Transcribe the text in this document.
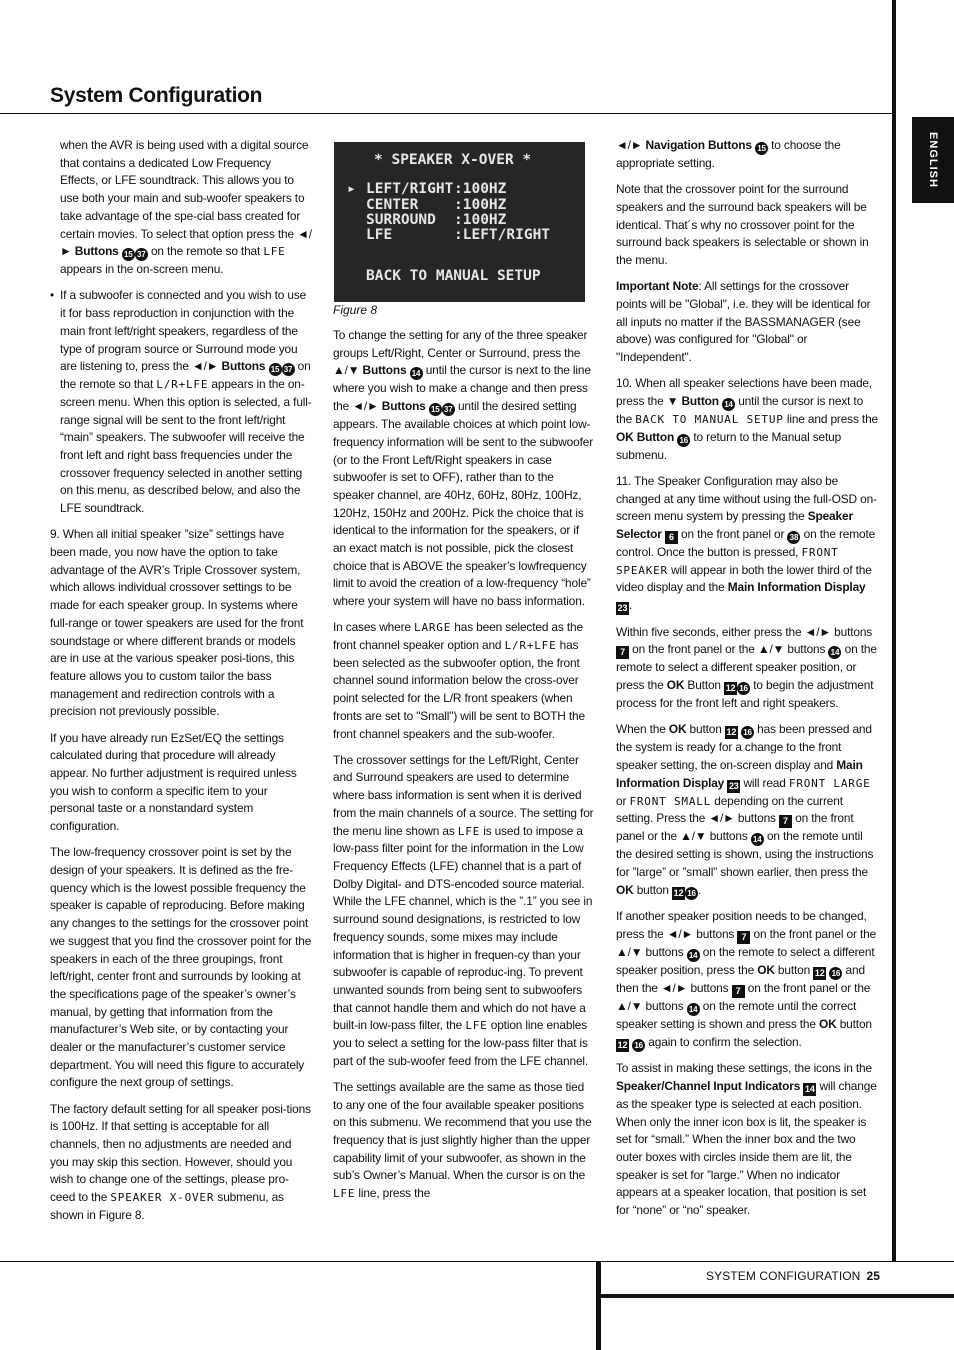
ENGLISH
System Configuration

when the AVR is being used with a digital source that contains a dedicated Low Frequency Effects, or LFE soundtrack. This allows you to use both your main and sub-woofer speakers to take advantage of the spe-cial bass created for certain movies. To select that option press the ◄/► Buttons 15 37 on the remote so that LFE appears in the on-screen menu.

• If a subwoofer is connected and you wish to use it for bass reproduction in conjunction with the main front left/right speakers, regardless of the type of program source or Surround mode you are listening to, press the ◄/► Buttons 15 37 on the remote so that L/R+LFE appears in the on-screen menu. When this option is selected, a full-range signal will be sent to the front left/right “main” speakers. The subwoofer will receive the front left and right bass frequencies under the crossover frequency selected in another setting on this menu, as described below, and also the LFE soundtrack.

9. When all initial speaker ”size” settings have been made, you now have the option to take advantage of the AVR’s Triple Crossover system, which allows individual crossover settings to be made for each speaker group. In systems where full-range or tower speakers are used for the front soundstage or where different brands or models are in use at the various speaker posi-tions, this feature allows you to custom tailor the bass management and redirection controls with a precision not previously possible.

If you have already run EzSet/EQ the settings calculated during that procedure will already appear. No further adjustment is required unless you wish to conform a specific item to your personal taste or a nonstandard system configuration.

The low-frequency crossover point is set by the design of your speakers. It is defined as the fre-quency which is the lowest possible frequency the speaker is capable of reproducing. Before making any changes to the settings for the crossover point we suggest that you find the crossover point for the speakers in each of the three groupings, front left/right, center front and surrounds by looking at the specifications page of the speaker’s owner’s manual, by getting that information from the manufacturer’s Web site, or by contacting your dealer or the manufacturer’s customer service department. You will need this figure to accurately configure the next group of settings.

The factory default setting for all speaker posi-tions is 100Hz. If that setting is acceptable for all channels, then no adjustments are needed and you may skip this section. However, should you wish to change one of the settings, please pro-ceed to the SPEAKER X-OVER submenu, as shown in Figure 8.

* SPEAKER X-OVER *
▸ LEFT/RIGHT :100HZ
CENTER :100HZ
SURROUND :100HZ
LFE	:LEFT/RIGHT
BACK TO MANUAL SETUP
Figure 8

To change the setting for any of the three speaker groups Left/Right, Center or Surround, press the ▲/▼ Buttons 14 until the cursor is next to the line where you wish to make a change and then press the ◄/► Buttons 15 37 until the desired setting appears. The available choices at which point low-frequency information will be sent to the subwoofer (or to the Front Left/Right speakers in case subwoofer is set to OFF), rather than to the speaker channel, are 40Hz, 60Hz, 80Hz, 100Hz, 120Hz, 150Hz and 200Hz. Pick the choice that is identical to the information for the speakers, or if an exact match is not possible, pick the closest choice that is ABOVE the speaker’s lowfrequency limit to avoid the creation of a low-frequency “hole” where your system will have no bass information.

In cases where LARGE has been selected as the front channel speaker option and L/R+LFE has been selected as the subwoofer option, the front channel sound information below the cross-over point selected for the L/R front speakers (when fronts are set to "Small") will be sent to BOTH the front channel speakers and the sub-woofer.

The crossover settings for the Left/Right, Center and Surround speakers are used to determine where bass information is sent when it is derived from the main channels of a source. The setting for the menu line shown as LFE is used to impose a low-pass filter point for the information in the Low Frequency Effects (LFE) channel that is a part of Dolby Digital- and DTS-encoded source material. While the LFE channel, which is the ”.1” you see in surround sound designations, is restricted to low frequency sounds, some mixes may include information that is higher in frequen-cy than your subwoofer is capable of reproduc-ing. To prevent unwanted sounds from being sent to subwoofers that cannot handle them and which do not have a built-in low-pass filter, the LFE option line enables you to select a setting for the low-pass filter that is part of the sub-woofer feed from the LFE channel.

The settings available are the same as those tied to any one of the four available speaker positions on this submenu. We recommend that you use the frequency that is just slightly higher than the upper capability limit of your subwoofer, as shown in the sub’s Owner’s Manual. When the cursor is on the LFE line, press the

◄/► Navigation Buttons 15 to choose the appropriate setting.

Note that the crossover point for the surround speakers and the surround back speakers will be identical. That´s why no crossover point for the surround back speakers is selectable or shown in the menu.

Important Note: All settings for the crossover points will be "Global", i.e. they will be identical for all inputs no matter if the BASSMANAGER (see above) was configured for "Global" or "Independent".

10. When all speaker selections have been made, press the ▼ Button 14 until the cursor is next to the BACK TO MANUAL SETUP line and press the OK Button 16 to return to the Manual setup submenu.

11. The Speaker Configuration may also be changed at any time without using the full-OSD on-screen menu system by pressing the Speaker Selector 6 on the front panel or 38 on the remote control. Once the button is pressed, FRONT SPEAKER will appear in both the lower third of the video display and the Main Information Display 23 .

Within five seconds, either press the ◄/► buttons 7 on the front panel or the ▲/▼ buttons 14 on the remote to select a different speaker position, or press the OK Button 12 16 to begin the adjustment process for the front left and right speakers.

When the OK button 12 16 has been pressed and the system is ready for a change to the front speaker setting, the on-screen display and Main Information Display 23 will read FRONT LARGE or FRONT SMALL depending on the current setting. Press the ◄/► buttons 7 on the front panel or the ▲/▼ buttons 14 on the remote until the desired setting is shown, using the instructions for ”large” or ”small” shown earlier, then press the OK button 12 16 .

If another speaker position needs to be changed, press the ◄/► buttons 7 on the front panel or the ▲/▼ buttons 14 on the remote to select a different speaker position, press the OK button 12 16 and then the ◄/► buttons 7 on the front panel or the ▲/▼ buttons 14 on the remote until the correct speaker setting is shown and press the OK button 12 16 again to confirm the selection.

To assist in making these settings, the icons in the Speaker/Channel Input Indicators 14 will change as the speaker type is selected at each position. When only the inner icon box is lit, the speaker is set for “small.” When the inner box and the two outer boxes with circles inside them are lit, the speaker is set for ”large.” When no indicator appears at a speaker location, that position is set for “none” or “no” speaker.

SYSTEM CONFIGURATION 25
